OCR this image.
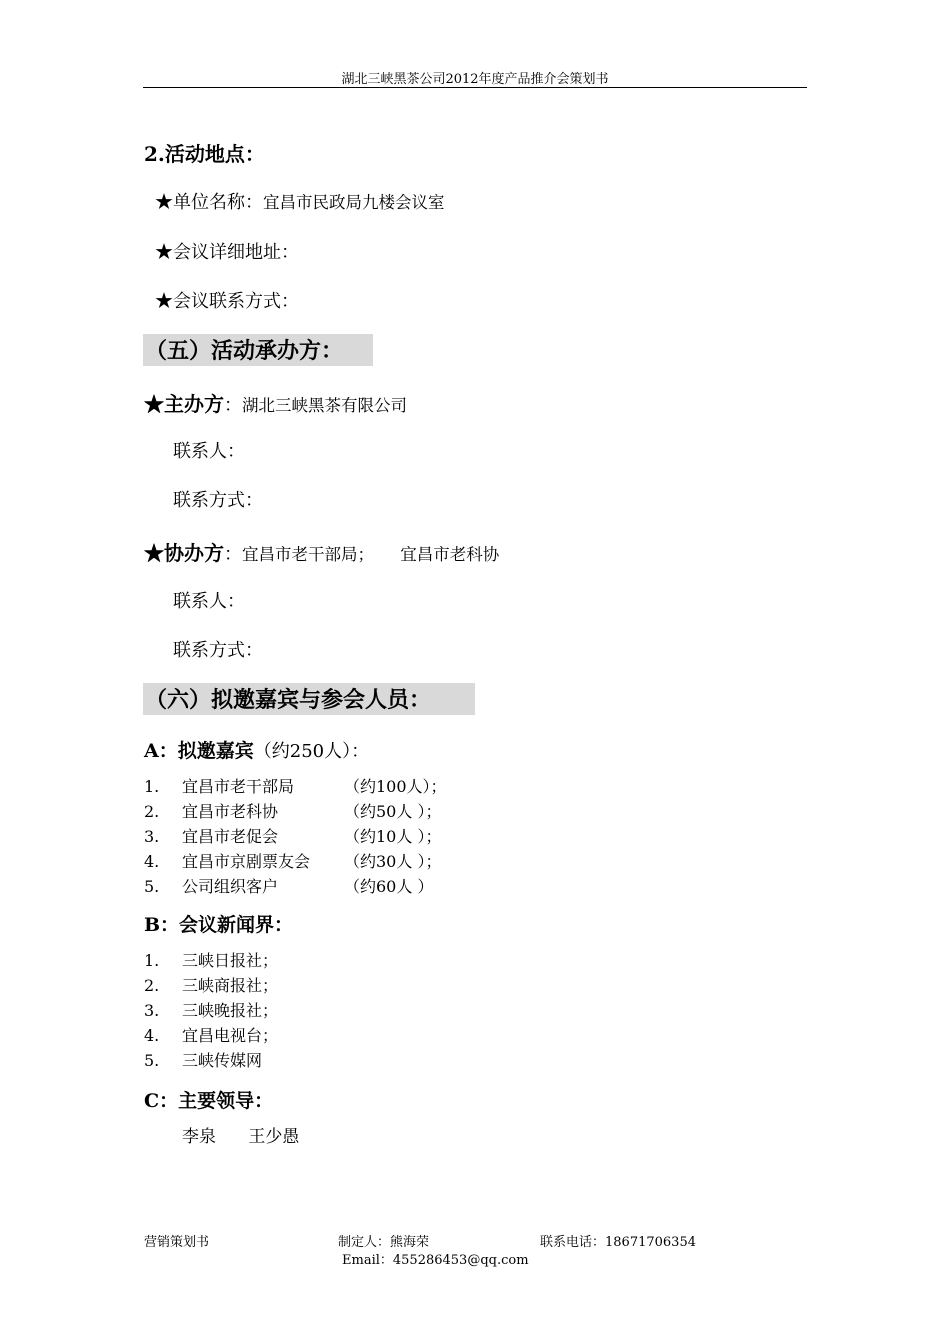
湖北三峡黑茶公司2012年度产品推介会策划书
2.活动地点：
★单位名称：宜昌市民政局九楼会议室
★会议详细地址：
★会议联系方式：
（五）活动承办方：
★主办方：湖北三峡黑茶有限公司
联系人：
联系方式：
★协办方：宜昌市老干部局；     宜昌市老科协
联系人：
联系方式：
（六）拟邀嘉宾与参会人员：
A：拟邀嘉宾（约250人）：
1. 宜昌市老干部局	（约100人）；
2. 宜昌市老科协	（约50人 ）；
3. 宜昌市老促会	（约10人 ）；
4. 宜昌市京剧票友会 （约30人 ）；
5. 公司组织客户	（约60人 ）
B：会议新闻界：
1. 三峡日报社；
2. 三峡商报社；
3. 三峡晚报社；
4. 宜昌电视台；
5. 三峡传媒网
C：主要领导：
李泉      王少愚
营销策划书	制定人：熊海荣	联系电话：18671706354
Email：455286453@qq.com
